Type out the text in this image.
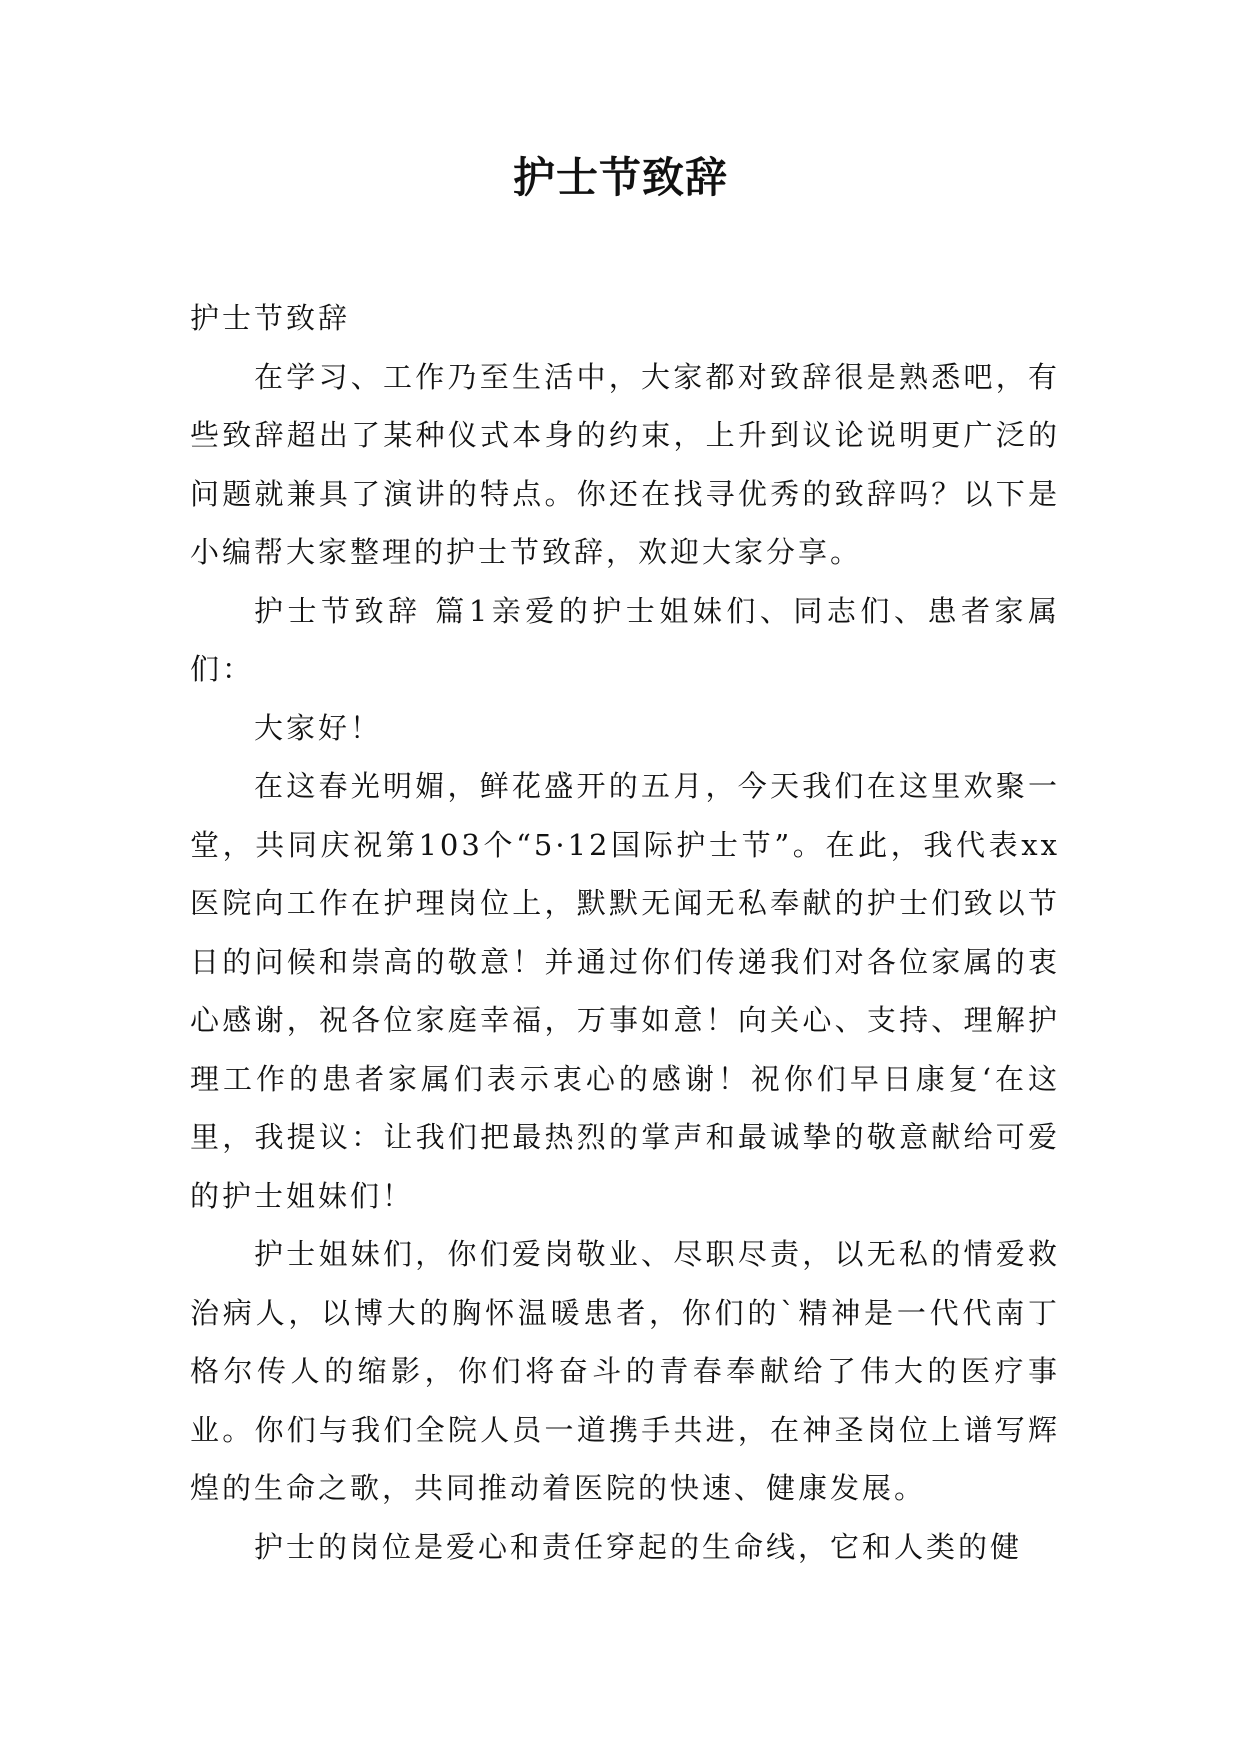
护士节致辞

护士节致辞

在学习、工作乃至生活中，大家都对致辞很是熟悉吧，有些致辞超出了某种仪式本身的约束，上升到议论说明更广泛的问题就兼具了演讲的特点。你还在找寻优秀的致辞吗？以下是小编帮大家整理的护士节致辞，欢迎大家分享。

护士节致辞 篇1亲爱的护士姐妹们、同志们、患者家属们：

大家好！

在这春光明媚，鲜花盛开的五月，今天我们在这里欢聚一堂，共同庆祝第103个“5·12国际护士节”。在此，我代表xx医院向工作在护理岗位上，默默无闻无私奉献的护士们致以节日的问候和崇高的敬意！并通过你们传递我们对各位家属的衷心感谢，祝各位家庭幸福，万事如意！向关心、支持、理解护理工作的患者家属们表示衷心的感谢！祝你们早日康复‘在这里，我提议：让我们把最热烈的掌声和最诚挚的敬意献给可爱的护士姐妹们！

护士姐妹们，你们爱岗敬业、尽职尽责，以无私的情爱救治病人，以博大的胸怀温暖患者，你们的`精神是一代代南丁格尔传人的缩影，你们将奋斗的青春奉献给了伟大的医疗事业。你们与我们全院人员一道携手共进，在神圣岗位上谱写辉煌的生命之歌，共同推动着医院的快速、健康发展。

护士的岗位是爱心和责任穿起的生命线，它和人类的健
